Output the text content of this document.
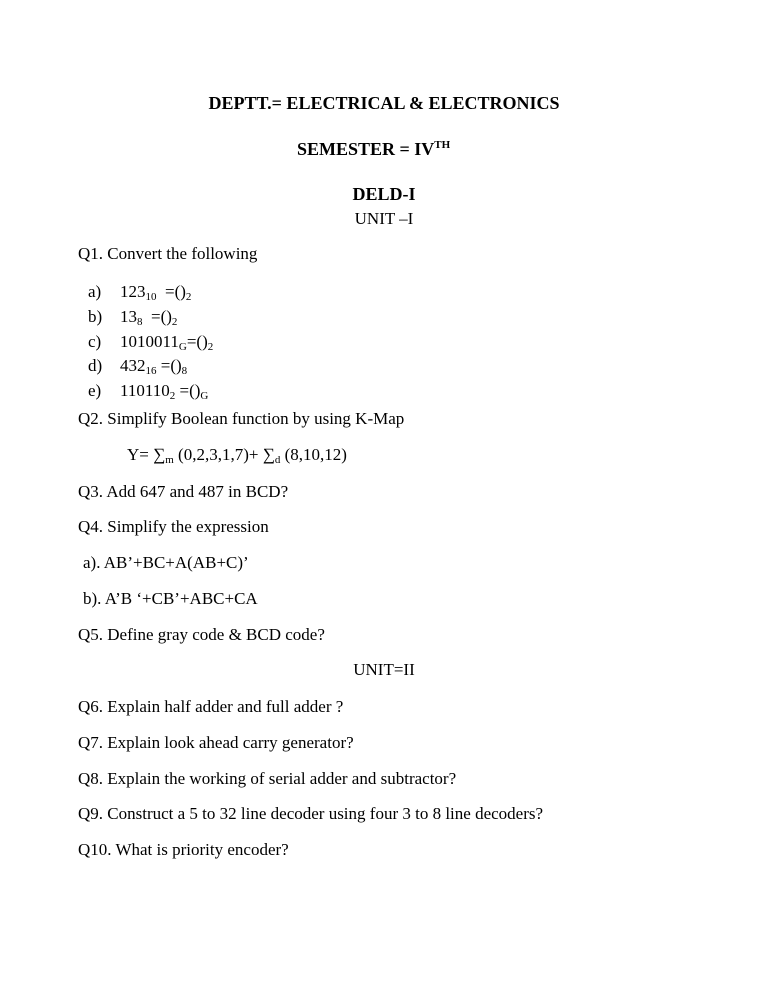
DEPTT.= ELECTRICAL & ELECTRONICS
SEMESTER = IVTH
DELD-I
UNIT –I
Q1. Convert the following
a) $123_{10} =()_2$
b) $13_8 =()_2$
c) $1010011_G=()_2$
d) $432_{16} =()_8$
e) $110110_2 =()_G$
Q2. Simplify Boolean function by using K-Map
$Y= \sum_m$ $(0,2,3,1,7)+ \sum_d$ (8,10,12)
Q3. Add 647 and 487 in BCD?
Q4. Simplify the expression
a). AB’+BC+A(AB+C)’
b). A’B ‘+CB’+ABC+CA
Q5. Define gray code & BCD code?
UNIT=II
Q6. Explain half adder and full adder ?
Q7. Explain look ahead carry generator?
Q8. Explain the working of serial adder and subtractor?
Q9. Construct a 5 to 32 line decoder using four 3 to 8 line decoders?
Q10. What is priority encoder?
